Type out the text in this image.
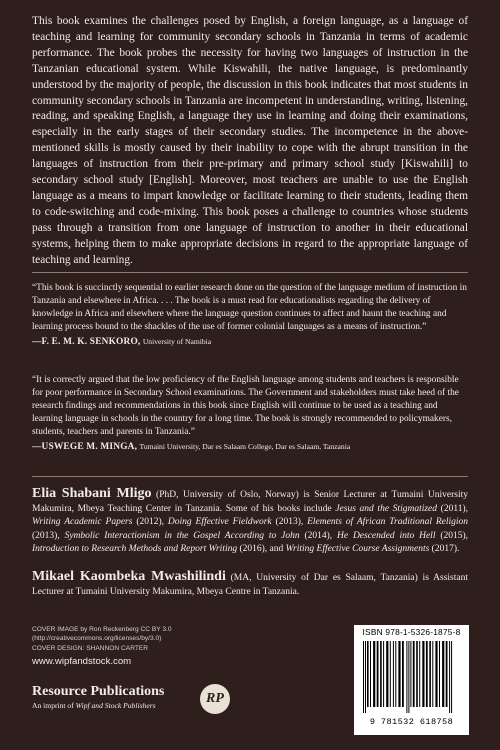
This book examines the challenges posed by English, a foreign language, as a language of teaching and learning for community secondary schools in Tanzania in terms of academic performance. The book probes the necessity for having two languages of instruction in the Tanzanian educational system. While Kiswahili, the native language, is predominantly understood by the majority of people, the discussion in this book indicates that most students in community secondary schools in Tanzania are incompetent in understanding, writing, listening, reading, and speaking English, a language they use in learning and doing their examinations, especially in the early stages of their secondary studies. The incompetence in the above-mentioned skills is mostly caused by their inability to cope with the abrupt transition in the languages of instruction from their pre-primary and primary school study [Kiswahili] to secondary school study [English]. Moreover, most teachers are unable to use the English language as a means to impart knowledge or facilitate learning to their students, leading them to code-switching and code-mixing. This book poses a challenge to countries whose students pass through a transition from one language of instruction to another in their educational systems, helping them to make appropriate decisions in regard to the appropriate language of teaching and learning.

“This book is succinctly sequential to earlier research done on the question of the language medium of instruction in Tanzania and elsewhere in Africa. . . . The book is a must read for educationalists regarding the delivery of knowledge in Africa and elsewhere where the language question continues to affect and haunt the teaching and learning process bound to the shackles of the use of former colonial languages as a means of instruction.”

—F. E. M. K. SENKORO, University of Namibia

“It is correctly argued that the low proficiency of the English language among students and teachers is responsible for poor performance in Secondary School examinations. The Government and stakeholders must take heed of the research findings and recommendations in this book since English will continue to be used as a teaching and learning language in schools in the country for a long time. The book is strongly recommended to policymakers, students, teachers and parents in Tanzania.”

—USWEGE M. MINGA, Tumaini University, Dar es Salaam College, Dar es Salaam, Tanzania
Elia Shabani Mligo (PhD, University of Oslo, Norway) is Senior Lecturer at Tumaini University Makumira, Mbeya Teaching Center in Tanzania. Some of his books include Jesus and the Stigmatized (2011), Writing Academic Papers (2012), Doing Effective Fieldwork (2013), Elements of African Traditional Religion (2013), Symbolic Interactionism in the Gospel According to John (2014), He Descended into Hell (2015), Introduction to Research Methods and Report Writing (2016), and Writing Effective Course Assignments (2017).
Mikael Kaombeka Mwashilindi (MA, University of Dar es Salaam, Tanzania) is Assistant Lecturer at Tumaini University Makumira, Mbeya Centre in Tanzania.
COVER IMAGE by Ron Reckenberg CC BY 3.0
(http://creativecommons.org/licenses/by/3.0)
COVER DESIGN: SHANNON CARTER
www.wipfandstock.com
Resource Publications
An imprint of Wipf and Stock Publishers	RP
ISBN 978-1-5326-1875-8
9 781532 618758
